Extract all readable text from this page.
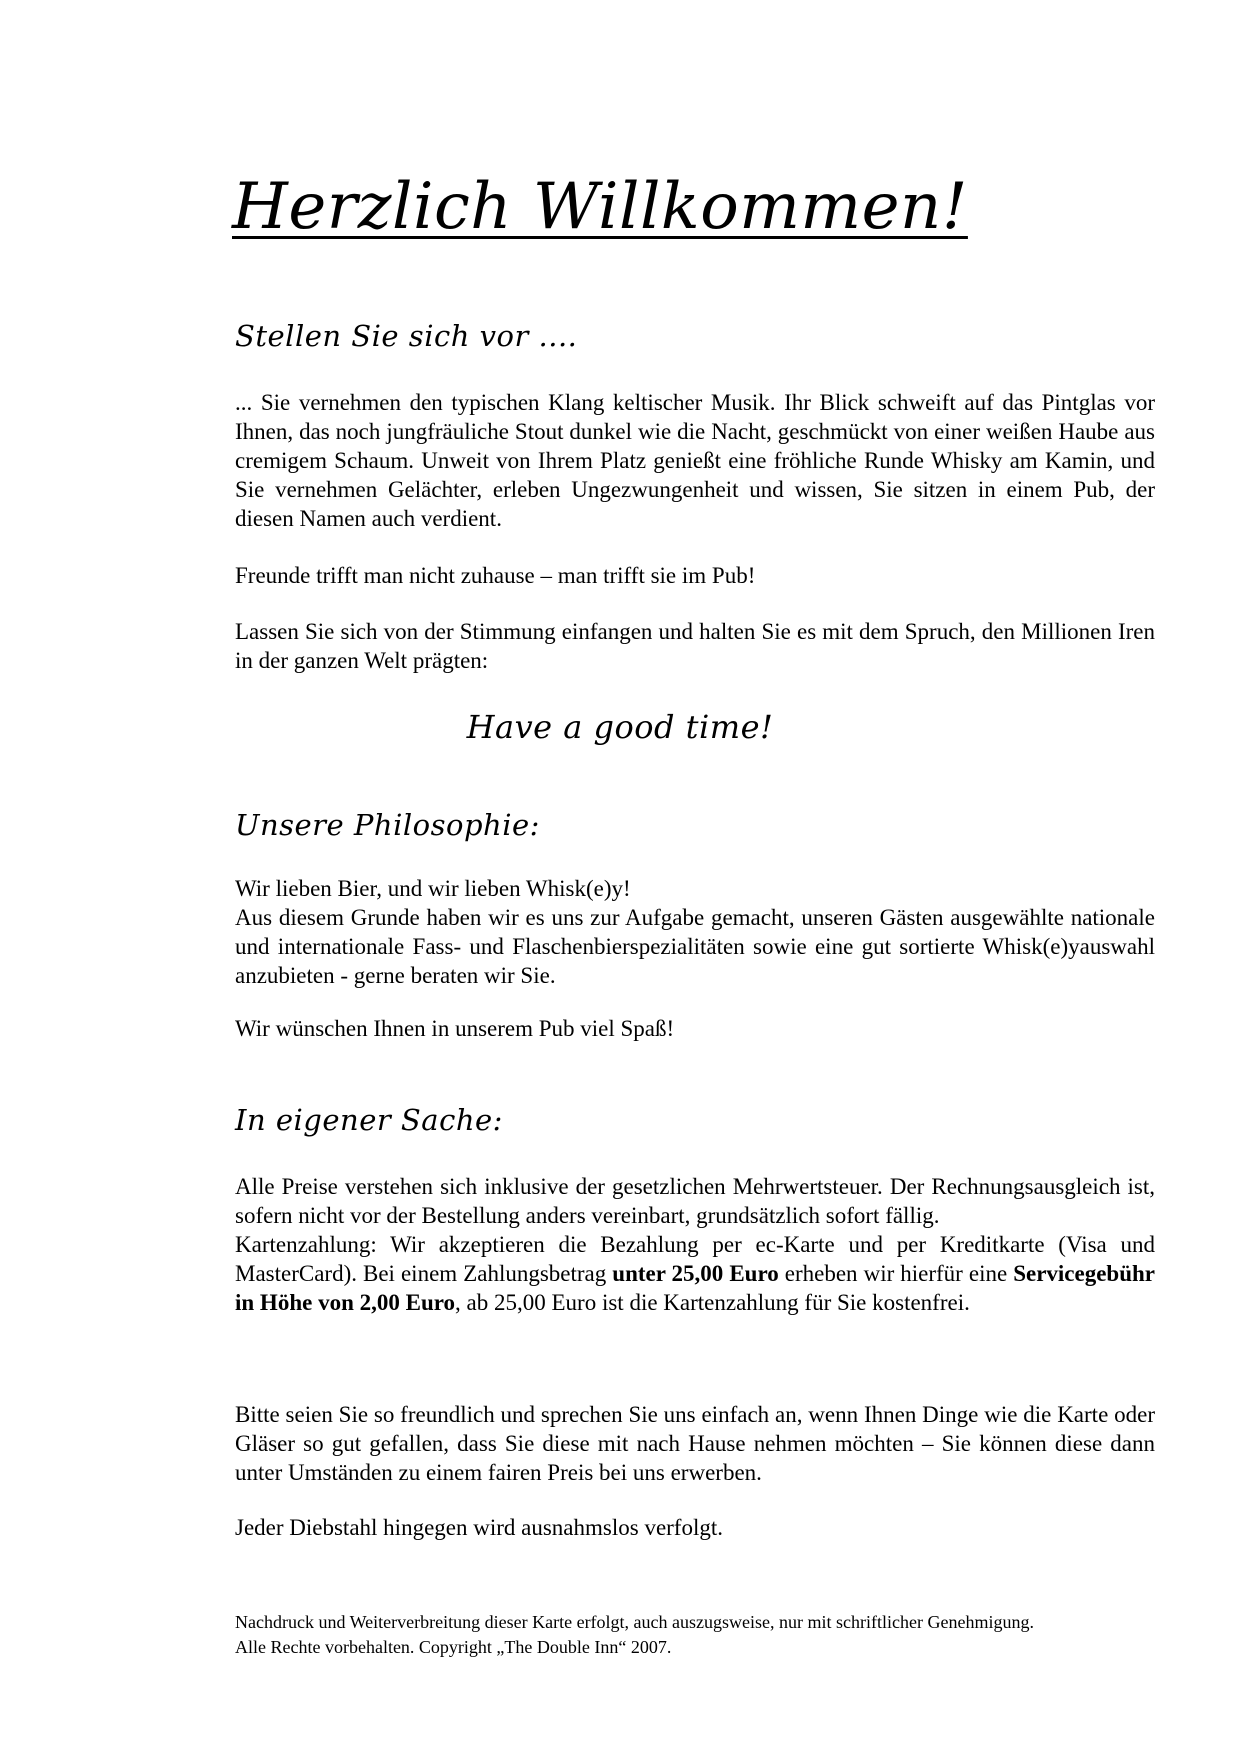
Herzlich Willkommen!
Stellen Sie sich vor ....

... Sie vernehmen den typischen Klang keltischer Musik. Ihr Blick schweift auf das Pintglas vor Ihnen, das noch jungfräuliche Stout dunkel wie die Nacht, geschmückt von einer weißen Haube aus cremigem Schaum. Unweit von Ihrem Platz genießt eine fröhliche Runde Whisky am Kamin, und Sie vernehmen Gelächter, erleben Ungezwungenheit und wissen, Sie sitzen in einem Pub, der diesen Namen auch verdient.

Freunde trifft man nicht zuhause – man trifft sie im Pub!

Lassen Sie sich von der Stimmung einfangen und halten Sie es mit dem Spruch, den Millionen Iren in der ganzen Welt prägten:

Have a good time!

Unsere Philosophie:

Wir lieben Bier, und wir lieben Whisk(e)y!

Aus diesem Grunde haben wir es uns zur Aufgabe gemacht, unseren Gästen ausgewählte nationale und internationale Fass- und Flaschenbierspezialitäten sowie eine gut sortierte Whisk(e)yauswahl anzubieten - gerne beraten wir Sie.

Wir wünschen Ihnen in unserem Pub viel Spaß!

In eigener Sache:

Alle Preise verstehen sich inklusive der gesetzlichen Mehrwertsteuer. Der Rechnungsausgleich ist, sofern nicht vor der Bestellung anders vereinbart, grundsätzlich sofort fällig.

Kartenzahlung: Wir akzeptieren die Bezahlung per ec-Karte und per Kreditkarte (Visa und MasterCard). Bei einem Zahlungsbetrag unter 25,00 Euro erheben wir hierfür eine Servicegebühr in Höhe von 2,00 Euro, ab 25,00 Euro ist die Kartenzahlung für Sie kostenfrei.

Bitte seien Sie so freundlich und sprechen Sie uns einfach an, wenn Ihnen Dinge wie die Karte oder Gläser so gut gefallen, dass Sie diese mit nach Hause nehmen möchten – Sie können diese dann unter Umständen zu einem fairen Preis bei uns erwerben.

Jeder Diebstahl hingegen wird ausnahmslos verfolgt.

Nachdruck und Weiterverbreitung dieser Karte erfolgt, auch auszugsweise, nur mit schriftlicher Genehmigung. Alle Rechte vorbehalten. Copyright „The Double Inn“ 2007.
